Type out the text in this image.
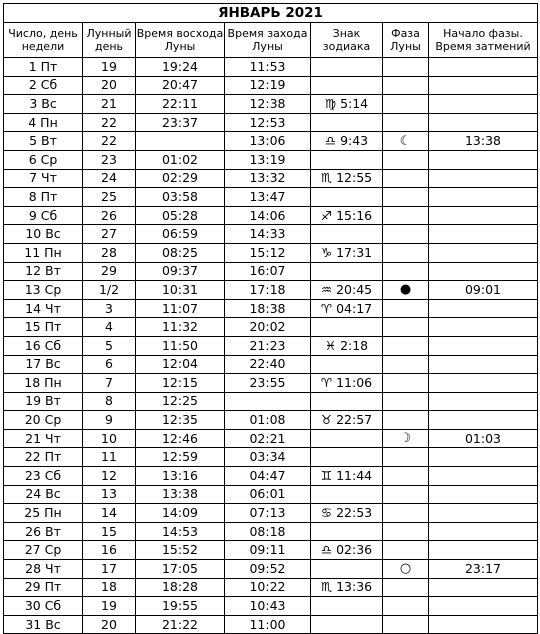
ЯНВАРЬ 2021						
Число, день недели	Лунный день	Время восхода Луны	Время захода Луны	Знак зодиака	Фаза Луны	Начало фазы. Время затмений
1 Пт	19	19:24	11:53			
2 Сб	20	20:47	12:19			
3 Вс	21	22:11	12:38	♍ 5:14		
4 Пн	22	23:37	12:53			
5 Вт	22		13:06	♎ 9:43	☾	13:38
6 Ср	23	01:02	13:19			
7 Чт	24	02:29	13:32	♏ 12:55		
8 Пт	25	03:58	13:47			
9 Сб	26	05:28	14:06	♐ 15:16		
10 Вс	27	06:59	14:33			
11 Пн	28	08:25	15:12	♑ 17:31		
12 Вт	29	09:37	16:07			
13 Ср	1/2	10:31	17:18	♒ 20:45	●	09:01
14 Чт	3	11:07	18:38	♈ 04:17		
15 Пт	4	11:32	20:02			
16 Сб	5	11:50	21:23	♓ 2:18		
17 Вс	6	12:04	22:40			
18 Пн	7	12:15	23:55	♈ 11:06		
19 Вт	8	12:25				
20 Ср	9	12:35	01:08	♉ 22:57		
21 Чт	10	12:46	02:21		☽	01:03
22 Пт	11	12:59	03:34			
23 Сб	12	13:16	04:47	♊ 11:44		
24 Вс	13	13:38	06:01			
25 Пн	14	14:09	07:13	♋ 22:53		
26 Вт	15	14:53	08:18			
27 Ср	16	15:52	09:11	♎ 02:36		
28 Чт	17	17:05	09:52		○	23:17
29 Пт	18	18:28	10:22	♏ 13:36		
30 Сб	19	19:55	10:43			
31 Вс	20	21:22	11:00			
